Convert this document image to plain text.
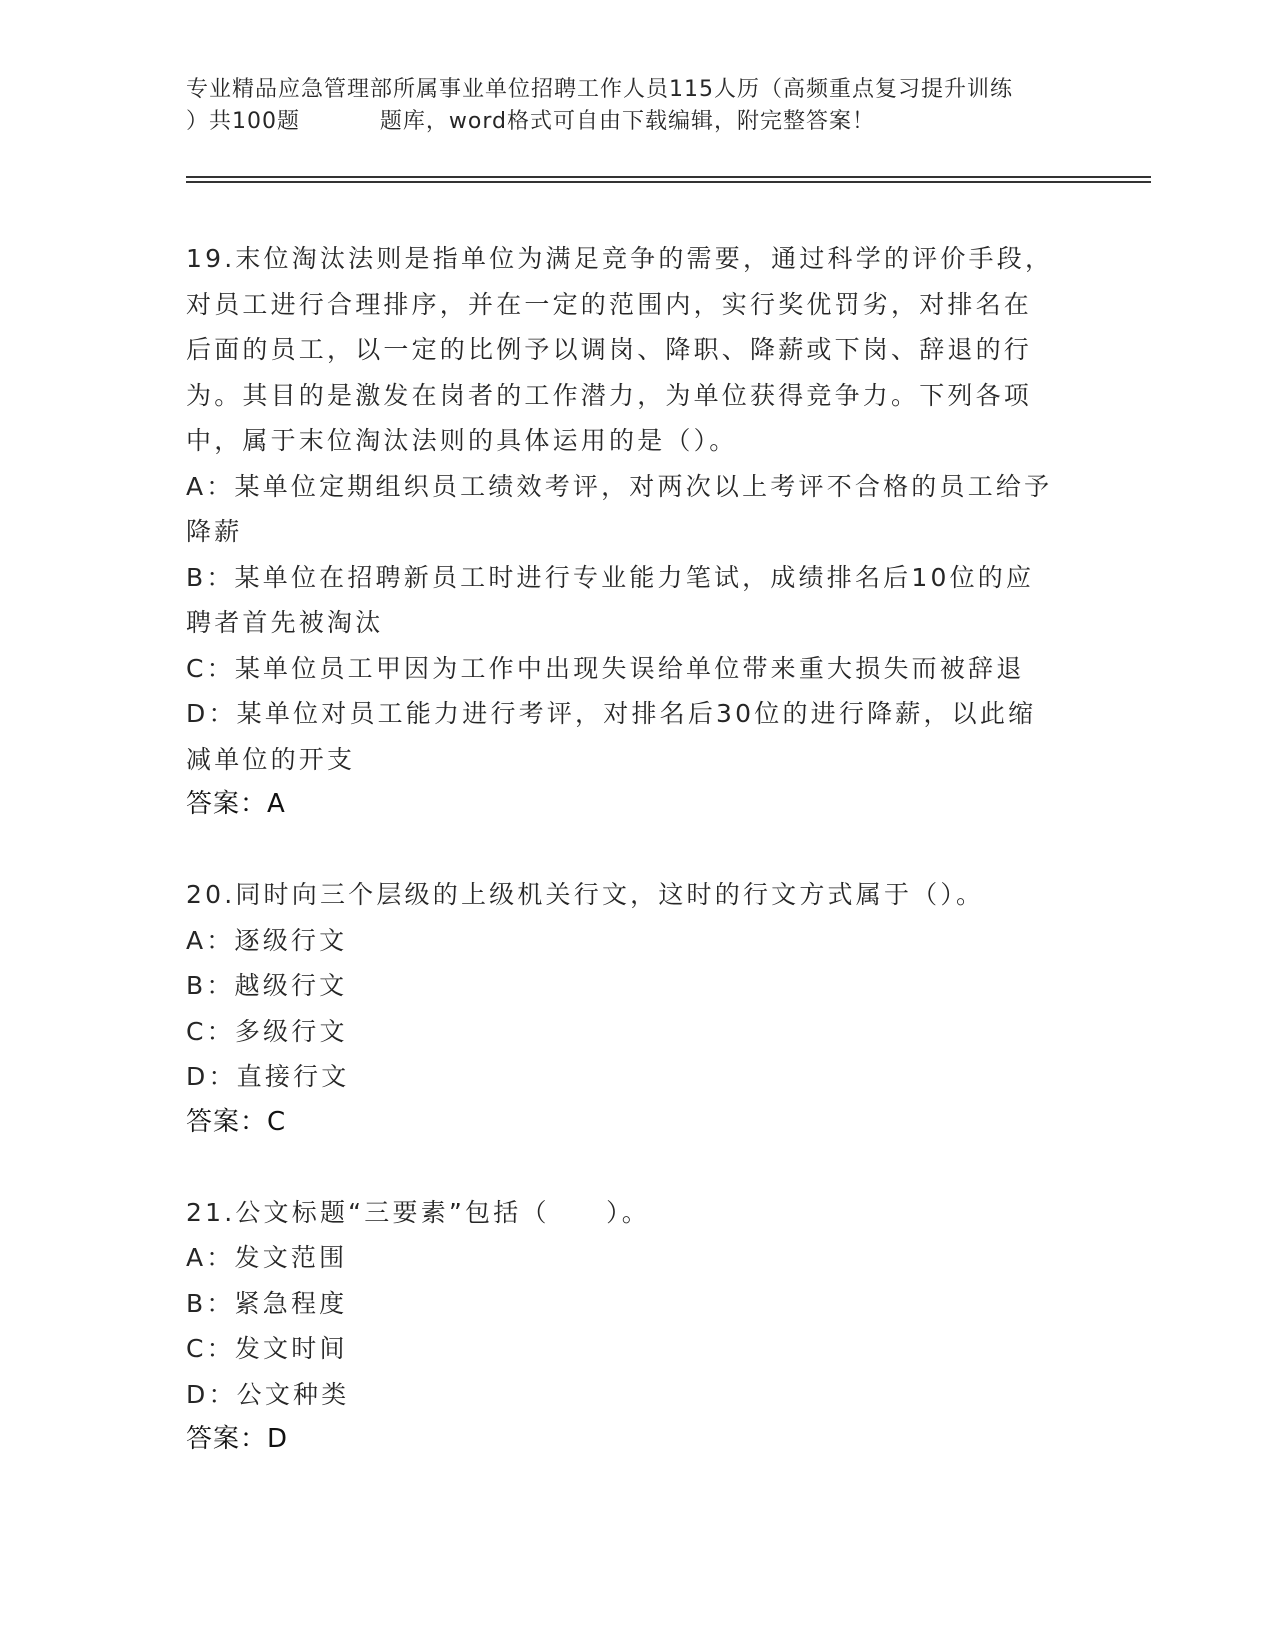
专业精品应急管理部所属事业单位招聘工作人员115人历（高频重点复习提升训练
）共100题          题库，word格式可自由下载编辑，附完整答案！
19.末位淘汰法则是指单位为满足竞争的需要，通过科学的评价手段，
对员工进行合理排序，并在一定的范围内，实行奖优罚劣，对排名在
后面的员工，以一定的比例予以调岗、降职、降薪或下岗、辞退的行
为。其目的是激发在岗者的工作潜力，为单位获得竞争力。下列各项
中，属于末位淘汰法则的具体运用的是（）。
A：某单位定期组织员工绩效考评，对两次以上考评不合格的员工给予
降薪
B：某单位在招聘新员工时进行专业能力笔试，成绩排名后10位的应
聘者首先被淘汰
C：某单位员工甲因为工作中出现失误给单位带来重大损失而被辞退
D：某单位对员工能力进行考评，对排名后30位的进行降薪，以此缩
减单位的开支
答案：A
20.同时向三个层级的上级机关行文，这时的行文方式属于（）。
A：逐级行文
B：越级行文
C：多级行文
D：直接行文
答案：C
21.公文标题“三要素”包括（　　）。
A：发文范围
B：紧急程度
C：发文时间
D：公文种类
答案：D
